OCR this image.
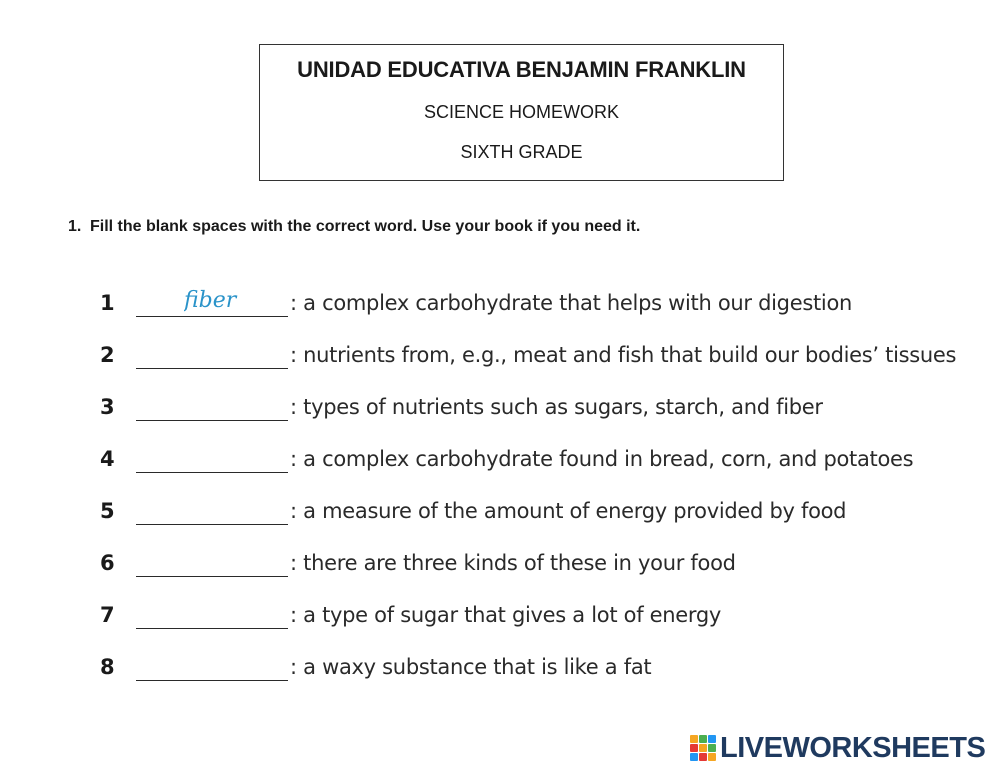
UNIDAD EDUCATIVA BENJAMIN FRANKLIN
SCIENCE HOMEWORK
SIXTH GRADE
1. Fill the blank spaces with the correct word. Use your book if you need it.
1
fiber	: a complex carbohydrate that helps with our digestion
2	: nutrients from, e.g., meat and fish that build our bodies’ tissues
3	: types of nutrients such as sugars, starch, and fiber
4	: a complex carbohydrate found in bread, corn, and potatoes
5	: a measure of the amount of energy provided by food
6	: there are three kinds of these in your food
7	: a type of sugar that gives a lot of energy
8	: a waxy substance that is like a fat
LIVEWORKSHEETS
